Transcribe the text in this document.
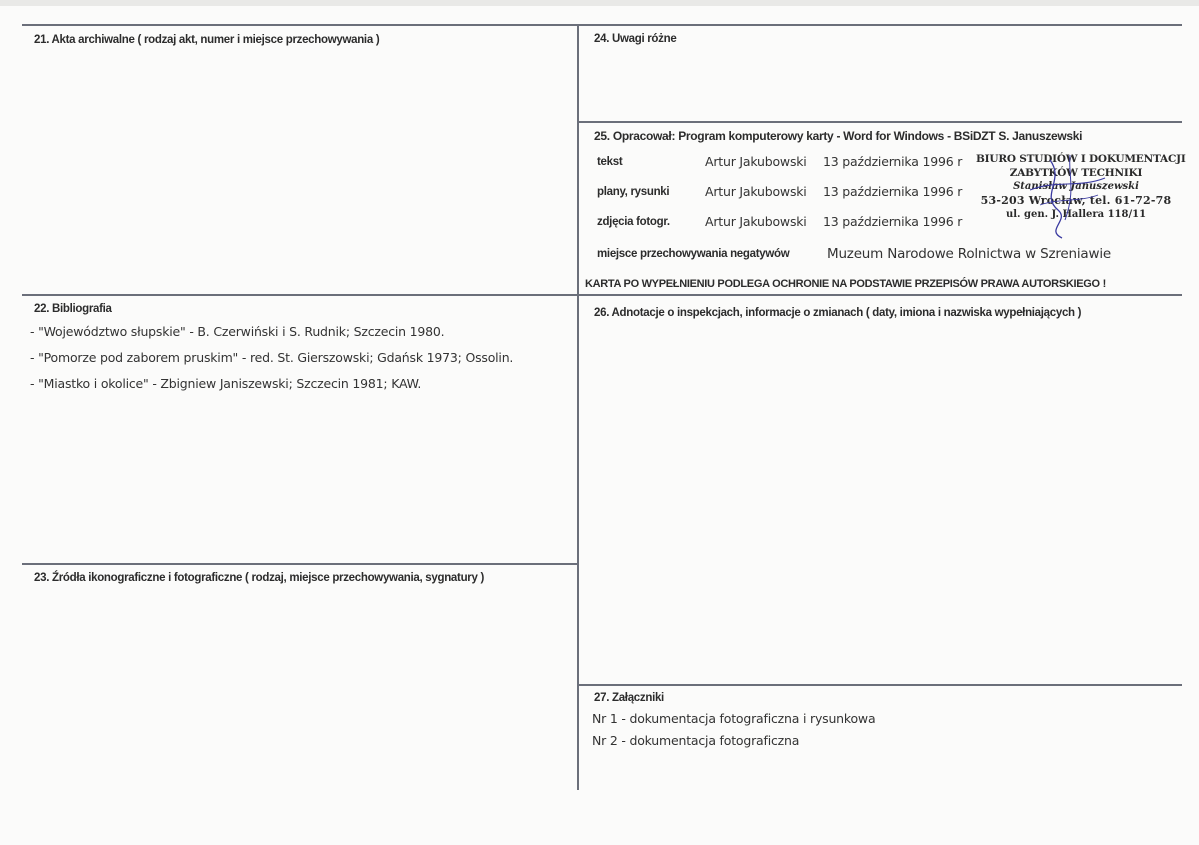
21. Akta archiwalne ( rodzaj akt, numer i miejsce przechowywania )
22. Bibliografia
- "Województwo słupskie" - B. Czerwiński i S. Rudnik; Szczecin 1980.
- "Pomorze pod zaborem pruskim" - red. St. Gierszowski; Gdańsk 1973; Ossolin.
- "Miastko i okolice" - Zbigniew Janiszewski; Szczecin 1981; KAW.
23. Źródła ikonograficzne i fotograficzne ( rodzaj, miejsce przechowywania, sygnatury )
24. Uwagi różne
25. Opracował: Program komputerowy karty - Word for Windows - BSiDZT S. Januszewski
tekst	Artur Jakubowski 13 października 1996 r
plany, rysunki	Artur Jakubowski 13 października 1996 r
zdjęcia fotogr.	Artur Jakubowski 13 października 1996 r
miejsce przechowywania negatywów	Muzeum Narodowe Rolnictwa w Szreniawie
KARTA PO WYPEŁNIENIU PODLEGA OCHRONIE NA PODSTAWIE PRZEPISÓW PRAWA AUTORSKIEGO !
BIURO STUDIÓW I DOKUMENTACJI
ZABYTKÓW TECHNIKI
Stanisław Januszewski
53-203 Wrocław, tel. 61-72-78
ul. gen. J. Hallera 118/11
26. Adnotacje o inspekcjach, informacje o zmianach ( daty, imiona i nazwiska wypełniających )
27. Załączniki
Nr 1 - dokumentacja fotograficzna i rysunkowa
Nr 2 - dokumentacja fotograficzna
